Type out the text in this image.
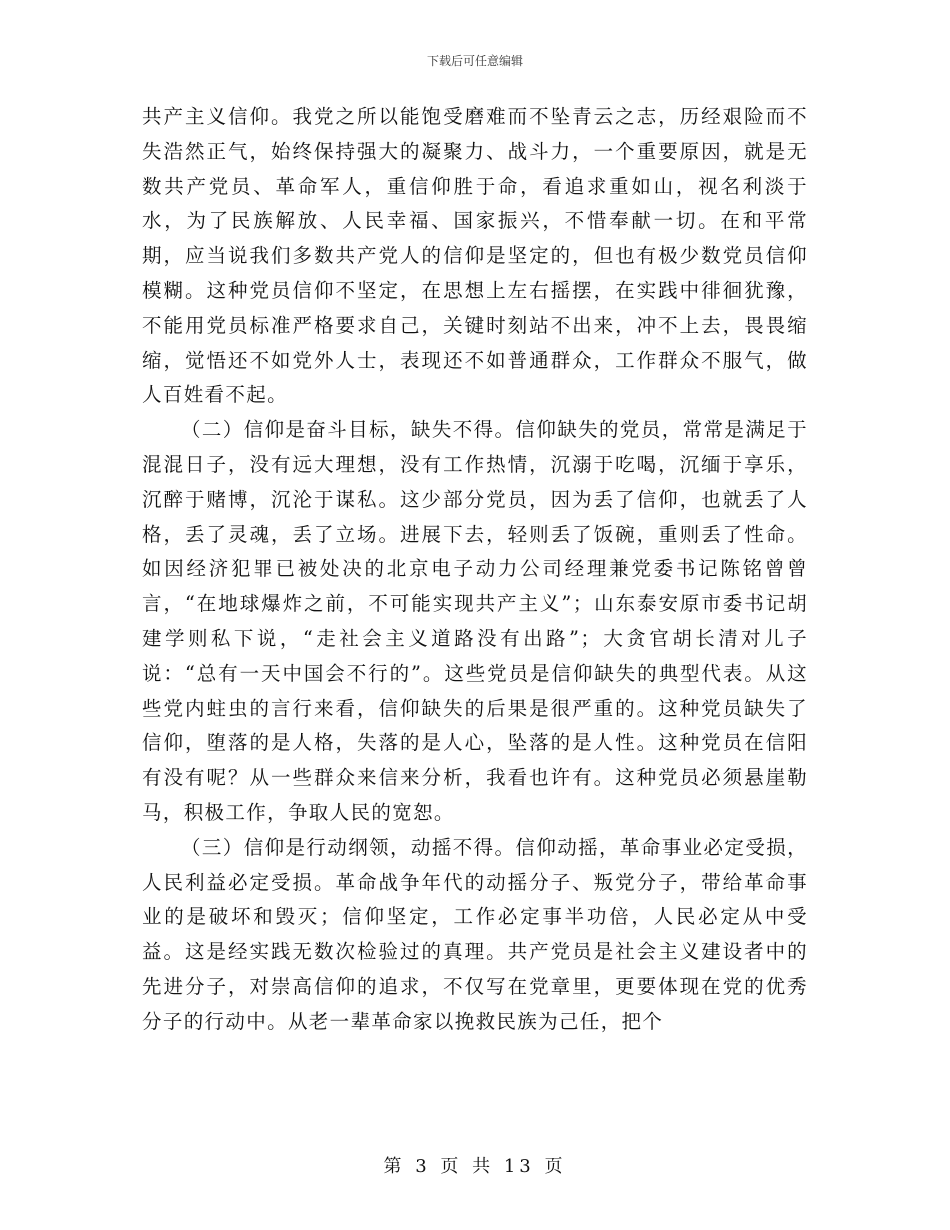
下载后可任意编辑

共产主义信仰。我党之所以能饱受磨难而不坠青云之志，历经艰险而不失浩然正气，始终保持强大的凝聚力、战斗力，一个重要原因，就是无数共产党员、革命军人，重信仰胜于命，看追求重如山，视名利淡于水，为了民族解放、人民幸福、国家振兴，不惜奉献一切。在和平常期，应当说我们多数共产党人的信仰是坚定的，但也有极少数党员信仰模糊。这种党员信仰不坚定，在思想上左右摇摆，在实践中徘徊犹豫，不能用党员标准严格要求自己，关键时刻站不出来，冲不上去，畏畏缩缩，觉悟还不如党外人士，表现还不如普通群众，工作群众不服气，做人百姓看不起。

（二）信仰是奋斗目标，缺失不得。信仰缺失的党员，常常是满足于混混日子，没有远大理想，没有工作热情，沉溺于吃喝，沉缅于享乐，沉醉于赌博，沉沦于谋私。这少部分党员，因为丢了信仰，也就丢了人格，丢了灵魂，丢了立场。进展下去，轻则丢了饭碗，重则丢了性命。如因经济犯罪已被处决的北京电子动力公司经理兼党委书记陈铭曾曾言，“在地球爆炸之前，不可能实现共产主义”；山东泰安原市委书记胡建学则私下说，“走社会主义道路没有出路”；大贪官胡长清对儿子说：“总有一天中国会不行的”。这些党员是信仰缺失的典型代表。从这些党内蛀虫的言行来看，信仰缺失的后果是很严重的。这种党员缺失了信仰，堕落的是人格，失落的是人心，坠落的是人性。这种党员在信阳有没有呢？从一些群众来信来分析，我看也许有。这种党员必须悬崖勒马，积极工作，争取人民的宽恕。

（三）信仰是行动纲领，动摇不得。信仰动摇，革命事业必定受损，人民利益必定受损。革命战争年代的动摇分子、叛党分子，带给革命事业的是破坏和毁灭；信仰坚定，工作必定事半功倍，人民必定从中受益。这是经实践无数次检验过的真理。共产党员是社会主义建设者中的先进分子，对崇高信仰的追求，不仅写在党章里，更要体现在党的优秀分子的行动中。从老一辈革命家以挽救民族为己任，把个

第 3 页 共 13 页
